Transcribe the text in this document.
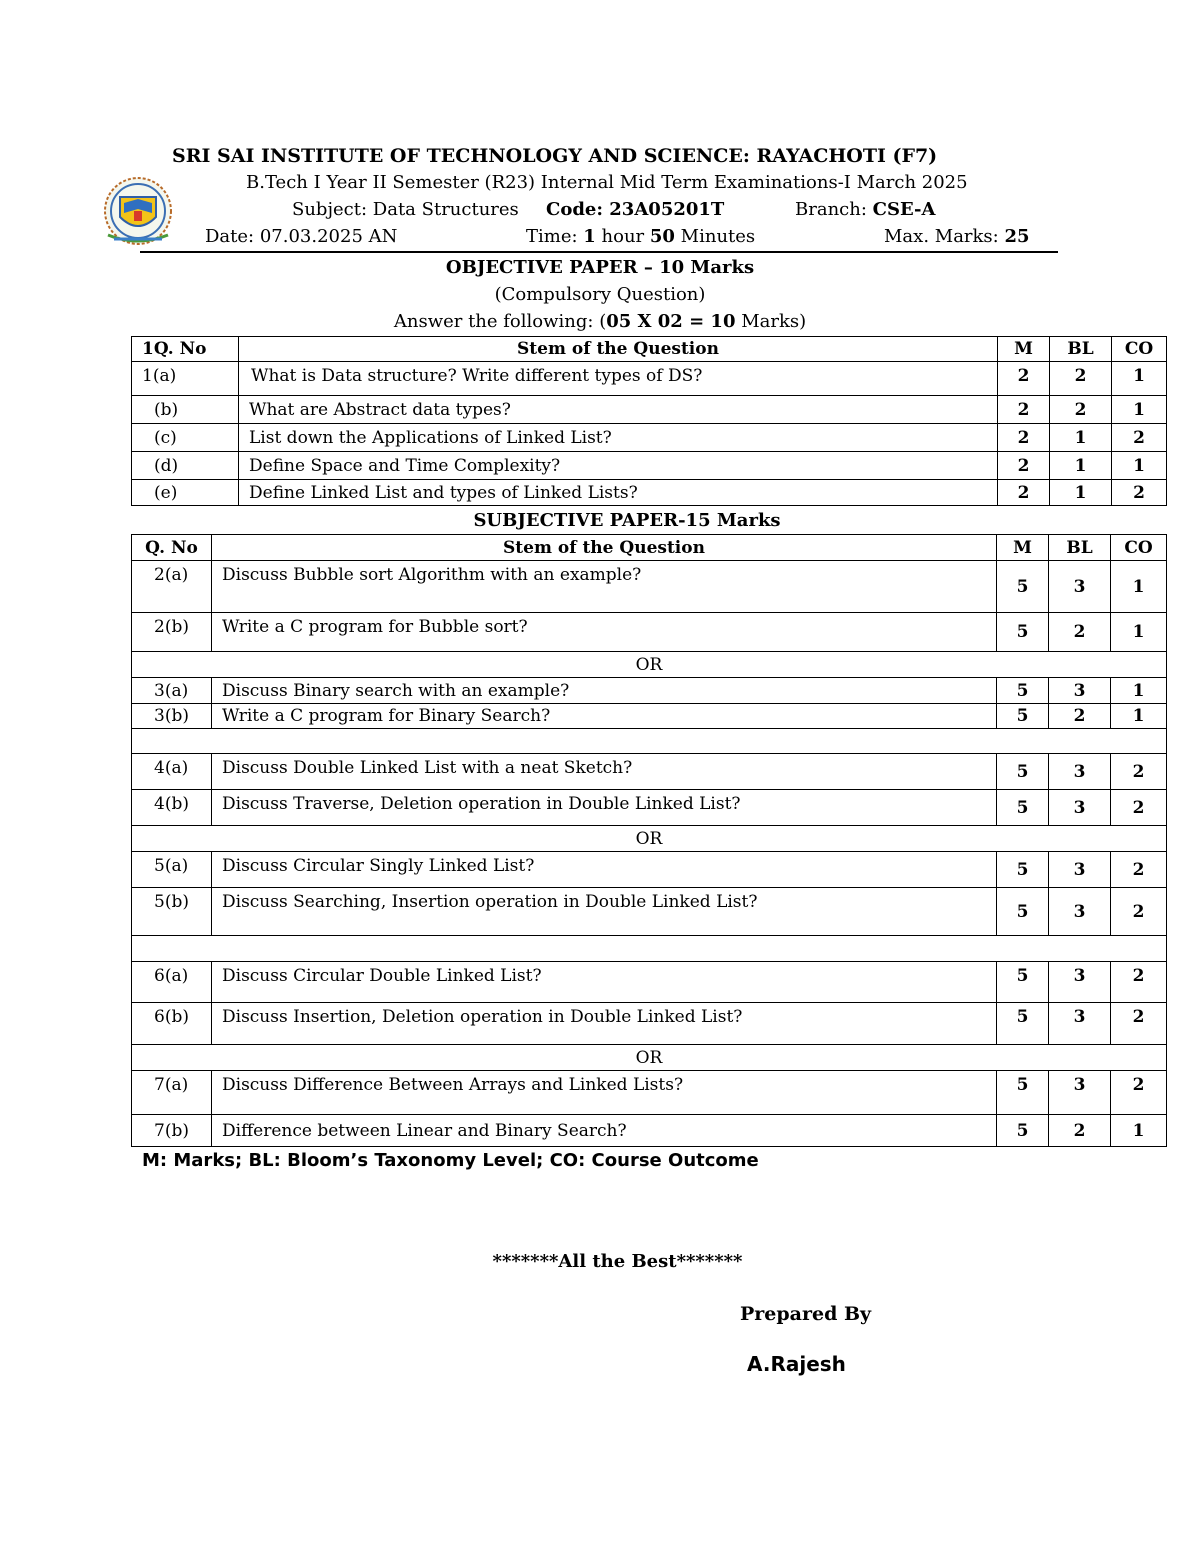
SRI SAI INSTITUTE OF TECHNOLOGY AND SCIENCE: RAYACHOTI (F7)
B.Tech I Year II Semester (R23) Internal Mid Term Examinations-I March 2025
Subject: Data Structures Code: 23A05201T	Branch: CSE-A
Date: 07.03.2025 AN	Time: 1 hour 50 Minutes	Max. Marks: 25
OBJECTIVE PAPER – 10 Marks
(Compulsory Question)
Answer the following: (05 X 02 = 10 Marks)
1Q. No	Stem of the Question	M	BL	CO
1(a)	What is Data structure? Write different types of DS?	2	2	1
(b)	What are Abstract data types?	2	2	1
(c)	List down the Applications of Linked List?	2	1	2
(d)	Define Space and Time Complexity?	2	1	1
(e)	Define Linked List and types of Linked Lists?	2	1	2
SUBJECTIVE PAPER-15 Marks
Q. No	Stem of the Question	M	BL	CO
2(a)	Discuss Bubble sort Algorithm with an example?	5	3	1
2(b)	Write a C program for Bubble sort?	5	2	1
OR				
3(a)	Discuss Binary search with an example?	5	3	1
3(b)	Write a C program for Binary Search?	5	2	1

4(a)	Discuss Double Linked List with a neat Sketch?	5	3	2
4(b)	Discuss Traverse, Deletion operation in Double Linked List?	5	3	2
OR				
5(a)	Discuss Circular Singly Linked List?	5	3	2
5(b)	Discuss Searching, Insertion operation in Double Linked List?	5	3	2

6(a)	Discuss Circular Double Linked List?	5	3	2
6(b)	Discuss Insertion, Deletion operation in Double Linked List?	5	3	2
OR				
7(a)	Discuss Difference Between Arrays and Linked Lists?	5	3	2
7(b)	Difference between Linear and Binary Search?	5	2	1
M: Marks; BL: Bloom’s Taxonomy Level; CO: Course Outcome
*******All the Best*******
Prepared By
A.Rajesh
